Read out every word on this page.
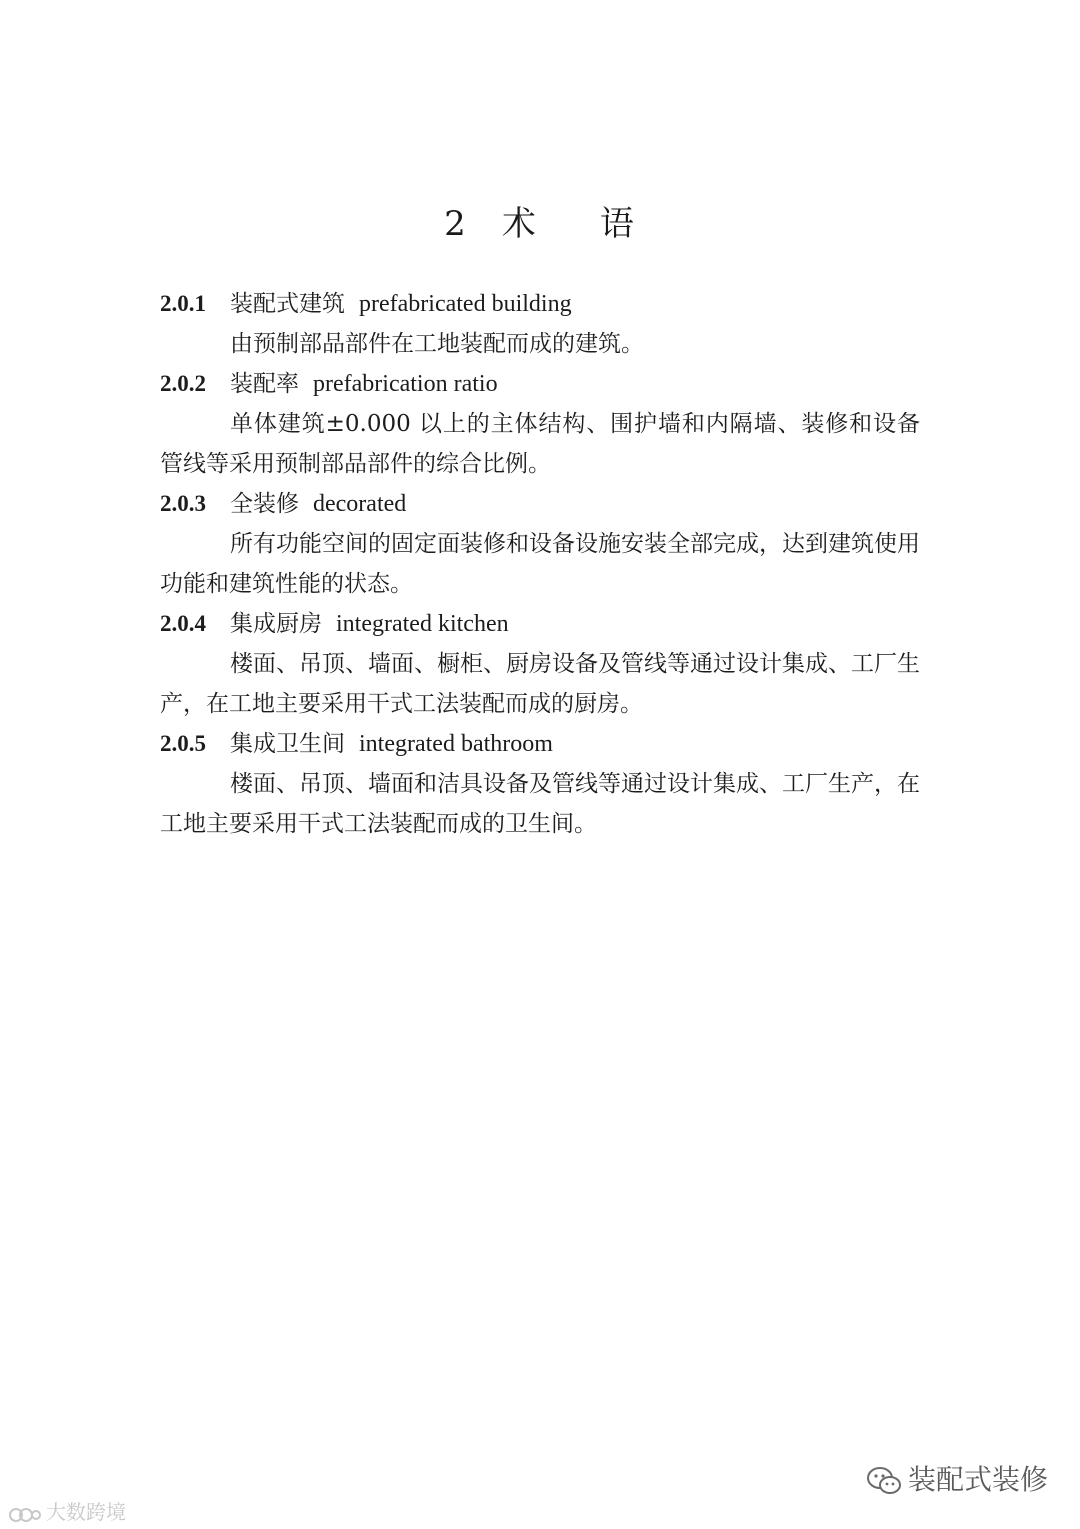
2 术 语
2.0.1 装配式建筑 prefabricated building

由预制部品部件在工地装配而成的建筑。

2.0.2 装配率 prefabrication ratio

单体建筑±0.000 以上的主体结构、围护墙和内隔墙、装修和设备管线等采用预制部品部件的综合比例。

2.0.3 全装修 decorated

所有功能空间的固定面装修和设备设施安装全部完成，达到建筑使用功能和建筑性能的状态。

2.0.4 集成厨房 integrated kitchen

楼面、吊顶、墙面、橱柜、厨房设备及管线等通过设计集成、工厂生产，在工地主要采用干式工法装配而成的厨房。

2.0.5 集成卫生间 integrated bathroom

楼面、吊顶、墙面和洁具设备及管线等通过设计集成、工厂生产，在工地主要采用干式工法装配而成的卫生间。

装配式装修
大数跨境
